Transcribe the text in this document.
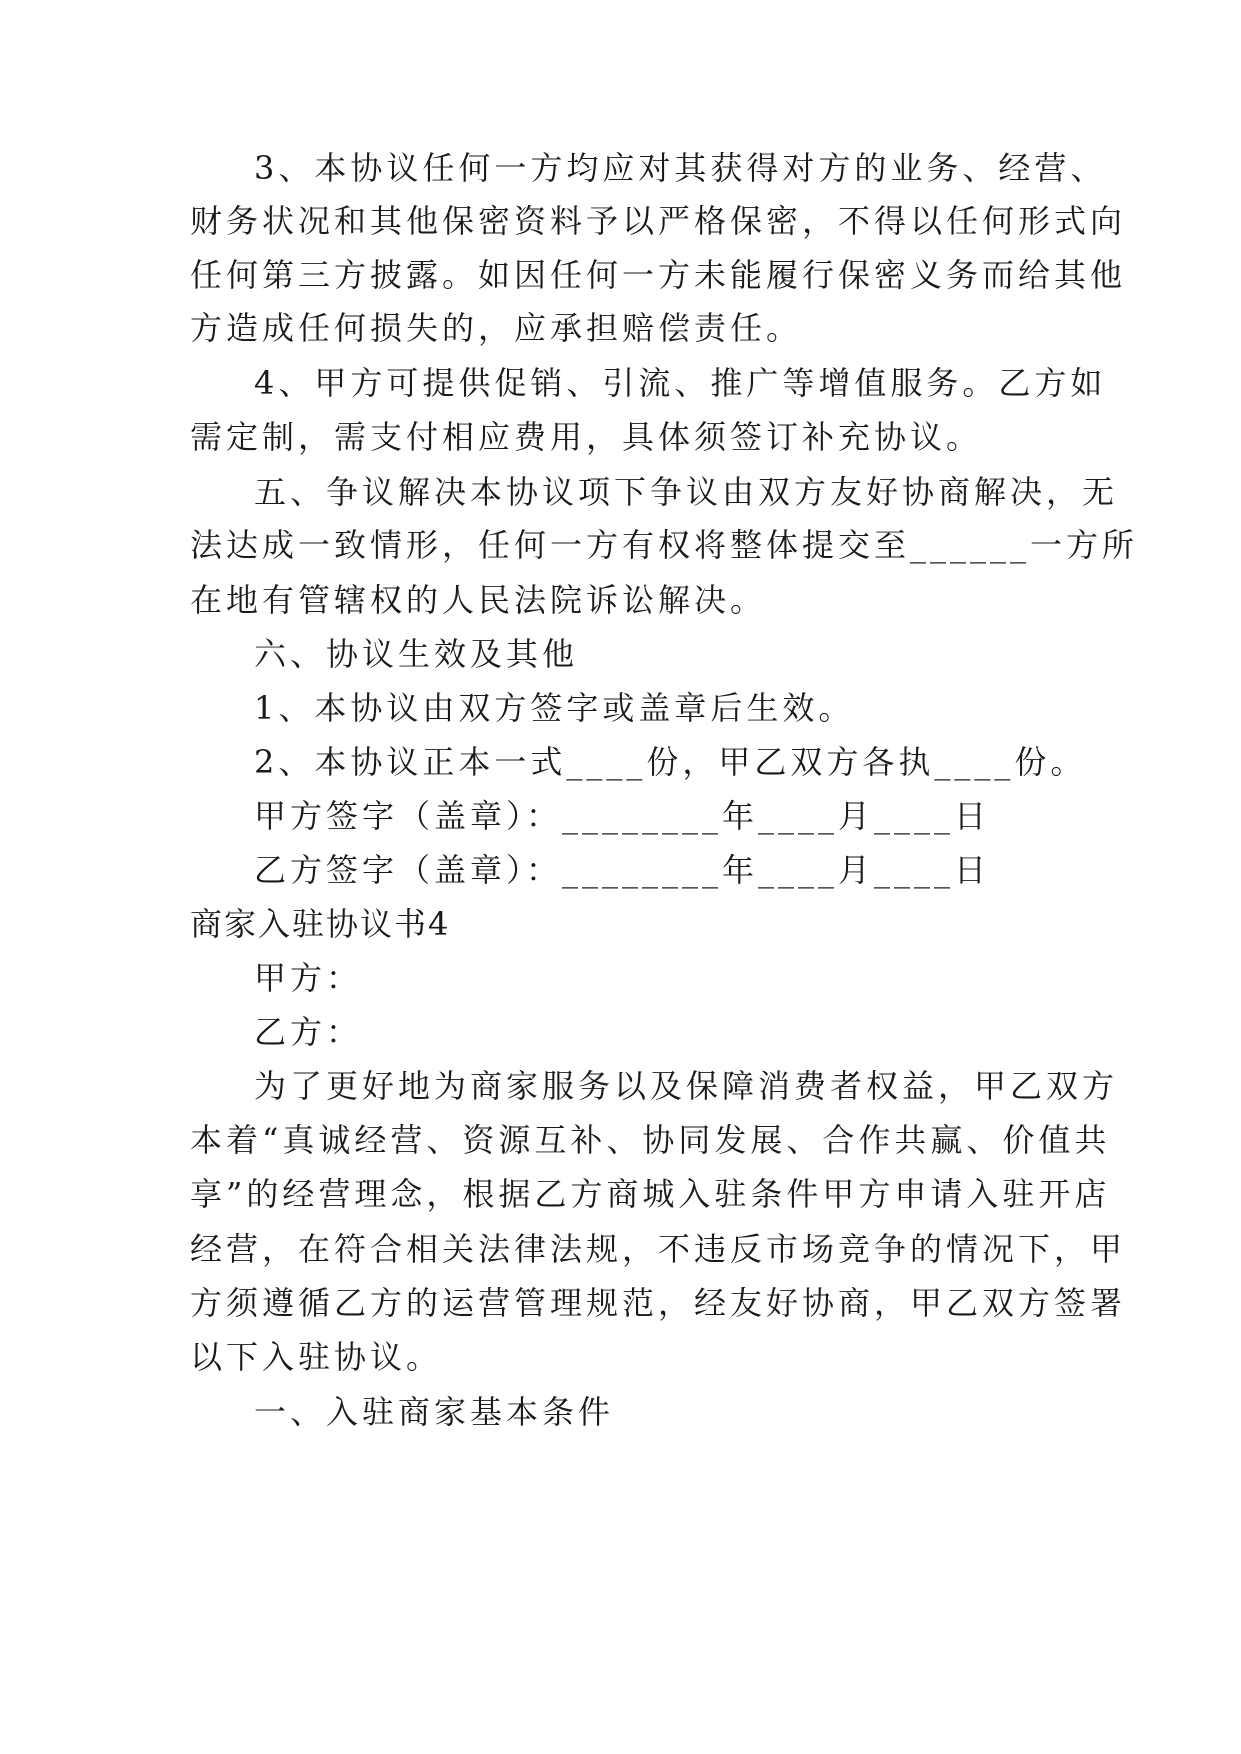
3、本协议任何一方均应对其获得对方的业务、经营、
财务状况和其他保密资料予以严格保密，不得以任何形式向
任何第三方披露。如因任何一方未能履行保密义务而给其他
方造成任何损失的，应承担赔偿责任。
4、甲方可提供促销、引流、推广等增值服务。乙方如
需定制，需支付相应费用，具体须签订补充协议。
五、争议解决本协议项下争议由双方友好协商解决，无
法达成一致情形，任何一方有权将整体提交至______一方所
在地有管辖权的人民法院诉讼解决。
六、协议生效及其他
1、本协议由双方签字或盖章后生效。
2、本协议正本一式____份，甲乙双方各执____份。
甲方签字（盖章）：________年____月____日
乙方签字（盖章）：________年____月____日
商家入驻协议书4
甲方：
乙方：
为了更好地为商家服务以及保障消费者权益，甲乙双方
本着“真诚经营、资源互补、协同发展、合作共赢、价值共
享”的经营理念，根据乙方商城入驻条件甲方申请入驻开店
经营，在符合相关法律法规，不违反市场竞争的情况下，甲
方须遵循乙方的运营管理规范，经友好协商，甲乙双方签署
以下入驻协议。
一、入驻商家基本条件
